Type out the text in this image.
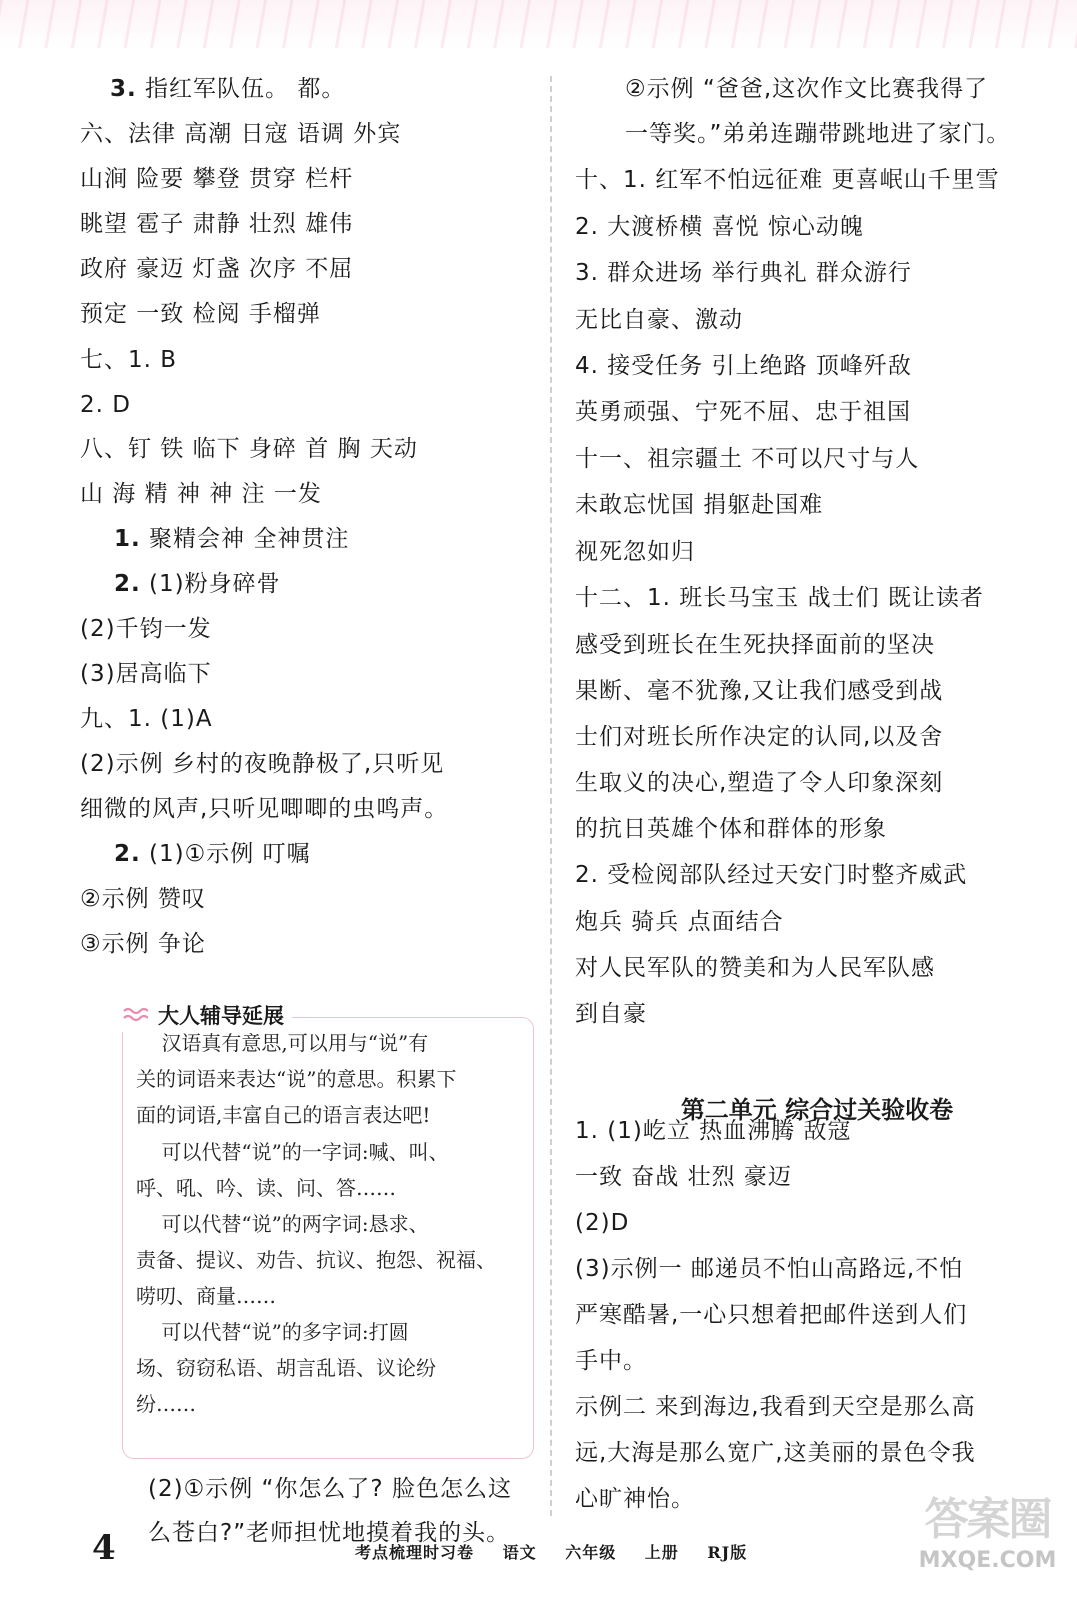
3. 指红军队伍。 都。
六、法律 高潮 日寇 语调 外宾
山涧 险要 攀登 贯穿 栏杆
眺望 雹子 肃静 壮烈 雄伟
政府 豪迈 灯盏 次序 不屈
预定 一致 检阅 手榴弹
七、1. B
2. D
八、钉 铁 临下 身碎 首 胸 天动
山 海 精 神 神 注 一发
1. 聚精会神 全神贯注
2. (1)粉身碎骨
(2)千钧一发
(3)居高临下
九、1. (1)A
(2)示例 乡村的夜晚静极了,只听见
细微的风声,只听见唧唧的虫鸣声。
2. (1)①示例 叮嘱
②示例 赞叹
③示例 争论
大人辅导延展
汉语真有意思,可以用与“说”有
关的词语来表达“说”的意思。积累下
面的词语,丰富自己的语言表达吧!
可以代替“说”的一字词:喊、叫、
呼、吼、吟、读、问、答……
可以代替“说”的两字词:恳求、
责备、提议、劝告、抗议、抱怨、祝福、
唠叨、商量……
可以代替“说”的多字词:打圆
场、窃窃私语、胡言乱语、议论纷
纷……
(2)①示例 “你怎么了? 脸色怎么这
么苍白?”老师担忧地摸着我的头。
②示例 “爸爸,这次作文比赛我得了
一等奖。”弟弟连蹦带跳地进了家门。
十、1. 红军不怕远征难 更喜岷山千里雪
2. 大渡桥横 喜悦 惊心动魄
3. 群众进场 举行典礼 群众游行
无比自豪、激动
4. 接受任务 引上绝路 顶峰歼敌
英勇顽强、宁死不屈、忠于祖国
十一、祖宗疆土 不可以尺寸与人
未敢忘忧国 捐躯赴国难
视死忽如归
十二、1. 班长马宝玉 战士们 既让读者
感受到班长在生死抉择面前的坚决
果断、毫不犹豫,又让我们感受到战
士们对班长所作决定的认同,以及舍
生取义的决心,塑造了令人印象深刻
的抗日英雄个体和群体的形象
2. 受检阅部队经过天安门时整齐威武
炮兵 骑兵 点面结合
对人民军队的赞美和为人民军队感
到自豪
第二单元 综合过关验收卷
1. (1)屹立 热血沸腾 敌寇
一致 奋战 壮烈 豪迈
(2)D
(3)示例一 邮递员不怕山高路远,不怕
严寒酷暑,一心只想着把邮件送到人们
手中。
示例二 来到海边,我看到天空是那么高
远,大海是那么宽广,这美丽的景色令我
心旷神怡。
4	考点梳理时习卷 语文 六年级 上册 RJ版
答案圈
MXQE.COM
